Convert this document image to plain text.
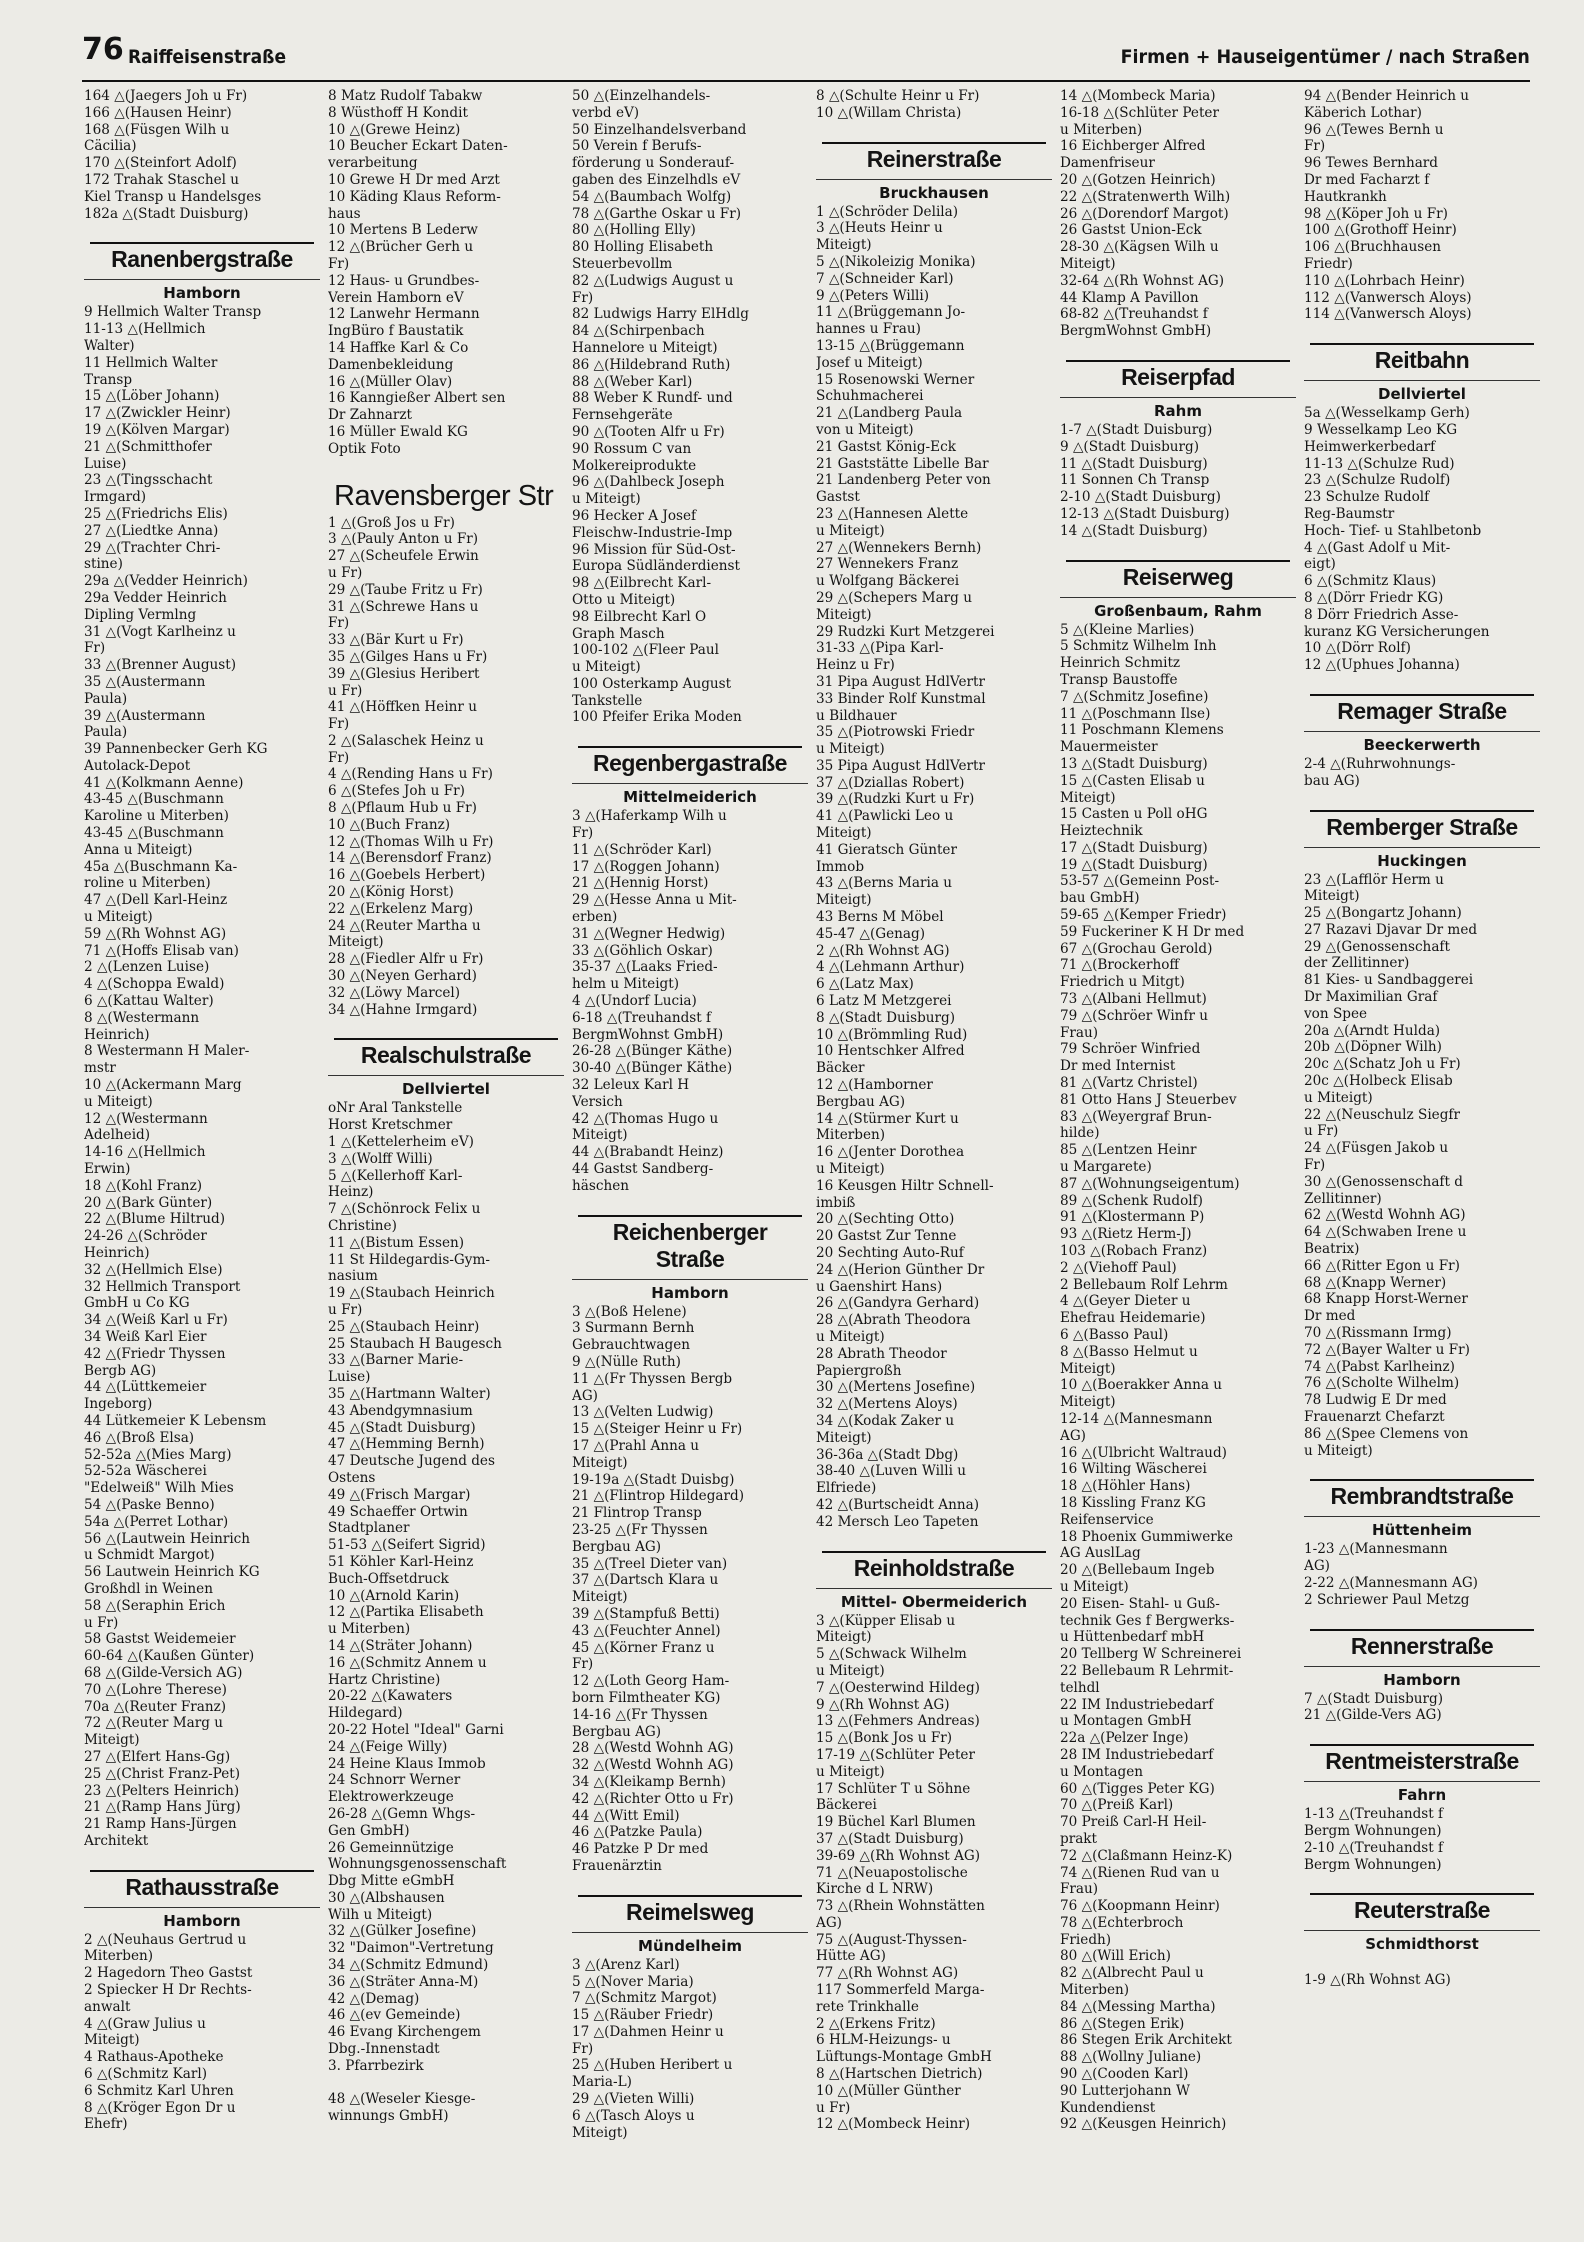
76 Raiffeisenstraße	Firmen + Hauseigentümer / nach Straßen
164 △(Jaegers Joh u Fr)
166 △(Hausen Heinr)
168 △(Füsgen Wilh u
Cäcilia)
170 △(Steinfort Adolf)
172 Trahak Staschel u
Kiel Transp u Handelsges
182a △(Stadt Duisburg)
Ranenbergstraße
Hamborn
9 Hellmich Walter Transp
11-13 △(Hellmich
Walter)
11 Hellmich Walter
Transp
15 △(Löber Johann)
17 △(Zwickler Heinr)
19 △(Kölven Margar)
21 △(Schmitthofer
Luise)
23 △(Tingsschacht
Irmgard)
25 △(Friedrichs Elis)
27 △(Liedtke Anna)
29 △(Trachter Chri-
stine)
29a △(Vedder Heinrich)
29a Vedder Heinrich
Dipling Vermlng
31 △(Vogt Karlheinz u
Fr)
33 △(Brenner August)
35 △(Austermann
Paula)
39 △(Austermann
Paula)
39 Pannenbecker Gerh KG
Autolack-Depot
41 △(Kolkmann Aenne)
43-45 △(Buschmann
Karoline u Miterben)
43-45 △(Buschmann
Anna u Miteigt)
45a △(Buschmann Ka-
roline u Miterben)
47 △(Dell Karl-Heinz
u Miteigt)
59 △(Rh Wohnst AG)
71 △(Hoffs Elisab van)
2 △(Lenzen Luise)
4 △(Schoppa Ewald)
6 △(Kattau Walter)
8 △(Westermann
Heinrich)
8 Westermann H Maler-
mstr
10 △(Ackermann Marg
u Miteigt)
12 △(Westermann
Adelheid)
14-16 △(Hellmich
Erwin)
18 △(Kohl Franz)
20 △(Bark Günter)
22 △(Blume Hiltrud)
24-26 △(Schröder
Heinrich)
32 △(Hellmich Else)
32 Hellmich Transport
GmbH u Co KG
34 △(Weiß Karl u Fr)
34 Weiß Karl Eier
42 △(Friedr Thyssen
Bergb AG)
44 △(Lüttkemeier
Ingeborg)
44 Lütkemeier K Lebensm
46 △(Broß Elsa)
52-52a △(Mies Marg)
52-52a Wäscherei
"Edelweiß" Wilh Mies
54 △(Paske Benno)
54a △(Perret Lothar)
56 △(Lautwein Heinrich
u Schmidt Margot)
56 Lautwein Heinrich KG
Großhdl in Weinen
58 △(Seraphin Erich
u Fr)
58 Gastst Weidemeier
60-64 △(Kaußen Günter)
68 △(Gilde-Versich AG)
70 △(Lohre Therese)
70a △(Reuter Franz)
72 △(Reuter Marg u
Miteigt)
27 △(Elfert Hans-Gg)
25 △(Christ Franz-Pet)
23 △(Pelters Heinrich)
21 △(Ramp Hans Jürg)
21 Ramp Hans-Jürgen
Architekt
Rathausstraße
Hamborn
2 △(Neuhaus Gertrud u
Miterben)
2 Hagedorn Theo Gastst
2 Spiecker H Dr Rechts-
anwalt
4 △(Graw Julius u
Miteigt)
4 Rathaus-Apotheke
6 △(Schmitz Karl)
6 Schmitz Karl Uhren
8 △(Kröger Egon Dr u
Ehefr)
8 Matz Rudolf Tabakw
8 Wüsthoff H Kondit
10 △(Grewe Heinz)
10 Beucher Eckart Daten-
verarbeitung
10 Grewe H Dr med Arzt
10 Käding Klaus Reform-
haus
10 Mertens B Lederw
12 △(Brücher Gerh u
Fr)
12 Haus- u Grundbes-
Verein Hamborn eV
12 Lanwehr Hermann
IngBüro f Baustatik
14 Haffke Karl & Co
Damenbekleidung
16 △(Müller Olav)
16 Kanngießer Albert sen
Dr Zahnarzt
16 Müller Ewald KG
Optik Foto
Ravensberger Str
1 △(Groß Jos u Fr)
3 △(Pauly Anton u Fr)
27 △(Scheufele Erwin
u Fr)
29 △(Taube Fritz u Fr)
31 △(Schrewe Hans u
Fr)
33 △(Bär Kurt u Fr)
35 △(Gilges Hans u Fr)
39 △(Glesius Heribert
u Fr)
41 △(Höffken Heinr u
Fr)
2 △(Salaschek Heinz u
Fr)
4 △(Rending Hans u Fr)
6 △(Stefes Joh u Fr)
8 △(Pflaum Hub u Fr)
10 △(Buch Franz)
12 △(Thomas Wilh u Fr)
14 △(Berensdorf Franz)
16 △(Goebels Herbert)
20 △(König Horst)
22 △(Erkelenz Marg)
24 △(Reuter Martha u
Miteigt)
28 △(Fiedler Alfr u Fr)
30 △(Neyen Gerhard)
32 △(Löwy Marcel)
34 △(Hahne Irmgard)
Realschulstraße
Dellviertel
oNr Aral Tankstelle
Horst Kretschmer
1 △(Kettelerheim eV)
3 △(Wolff Willi)
5 △(Kellerhoff Karl-
Heinz)
7 △(Schönrock Felix u
Christine)
11 △(Bistum Essen)
11 St Hildegardis-Gym-
nasium
19 △(Staubach Heinrich
u Fr)
25 △(Staubach Heinr)
25 Staubach H Baugesch
33 △(Barner Marie-
Luise)
35 △(Hartmann Walter)
43 Abendgymnasium
45 △(Stadt Duisburg)
47 △(Hemming Bernh)
47 Deutsche Jugend des
Ostens
49 △(Frisch Margar)
49 Schaeffer Ortwin
Stadtplaner
51-53 △(Seifert Sigrid)
51 Köhler Karl-Heinz
Buch-Offsetdruck
10 △(Arnold Karin)
12 △(Partika Elisabeth
u Miterben)
14 △(Sträter Johann)
16 △(Schmitz Annem u
Hartz Christine)
20-22 △(Kawaters
Hildegard)
20-22 Hotel "Ideal" Garni
24 △(Feige Willy)
24 Heine Klaus Immob
24 Schnorr Werner
Elektrowerkzeuge
26-28 △(Gemn Whgs-
Gen GmbH)
26 Gemeinnützige
Wohnungsgenossenschaft
Dbg Mitte eGmbH
30 △(Albshausen
Wilh u Miteigt)
32 △(Gülker Josefine)
32 "Daimon"-Vertretung
34 △(Schmitz Edmund)
36 △(Sträter Anna-M)
42 △(Demag)
46 △(ev Gemeinde)
46 Evang Kirchengem
Dbg.-Innenstadt
3. Pfarrbezirk

48 △(Weseler Kiesge-
winnungs GmbH)
50 △(Einzelhandels-
verbd eV)
50 Einzelhandelsverband
50 Verein f Berufs-
förderung u Sonderauf-
gaben des Einzelhdls eV
54 △(Baumbach Wolfg)
78 △(Garthe Oskar u Fr)
80 △(Holling Elly)
80 Holling Elisabeth
Steuerbevollm
82 △(Ludwigs August u
Fr)
82 Ludwigs Harry ElHdlg
84 △(Schirpenbach
Hannelore u Miteigt)
86 △(Hildebrand Ruth)
88 △(Weber Karl)
88 Weber K Rundf- und
Fernsehgeräte
90 △(Tooten Alfr u Fr)
90 Rossum C van
Molkereiprodukte
96 △(Dahlbeck Joseph
u Miteigt)
96 Hecker A Josef
Fleischw-Industrie-Imp
96 Mission für Süd-Ost-
Europa Südländerdienst
98 △(Eilbrecht Karl-
Otto u Miteigt)
98 Eilbrecht Karl O
Graph Masch
100-102 △(Fleer Paul
u Miteigt)
100 Osterkamp August
Tankstelle
100 Pfeifer Erika Moden
Regenbergastraße
Mittelmeiderich
3 △(Haferkamp Wilh u
Fr)
11 △(Schröder Karl)
17 △(Roggen Johann)
21 △(Hennig Horst)
29 △(Hesse Anna u Mit-
erben)
31 △(Wegner Hedwig)
33 △(Göhlich Oskar)
35-37 △(Laaks Fried-
helm u Miteigt)
4 △(Undorf Lucia)
6-18 △(Treuhandst f
BergmWohnst GmbH)
26-28 △(Bünger Käthe)
30-40 △(Bünger Käthe)
32 Leleux Karl H
Versich
42 △(Thomas Hugo u
Miteigt)
44 △(Brabandt Heinz)
44 Gastst Sandberg-
häschen
Reichenberger Straße
Hamborn
3 △(Boß Helene)
3 Surmann Bernh
Gebrauchtwagen
9 △(Nülle Ruth)
11 △(Fr Thyssen Bergb
AG)
13 △(Velten Ludwig)
15 △(Steiger Heinr u Fr)
17 △(Prahl Anna u
Miteigt)
19-19a △(Stadt Duisbg)
21 △(Flintrop Hildegard)
21 Flintrop Transp
23-25 △(Fr Thyssen
Bergbau AG)
35 △(Treel Dieter van)
37 △(Dartsch Klara u
Miteigt)
39 △(Stampfuß Betti)
43 △(Feuchter Annel)
45 △(Körner Franz u
Fr)
12 △(Loth Georg Ham-
born Filmtheater KG)
14-16 △(Fr Thyssen
Bergbau AG)
28 △(Westd Wohnh AG)
32 △(Westd Wohnh AG)
34 △(Kleikamp Bernh)
42 △(Richter Otto u Fr)
44 △(Witt Emil)
46 △(Patzke Paula)
46 Patzke P Dr med
Frauenärztin
Reimelsweg
Mündelheim
3 △(Arenz Karl)
5 △(Nover Maria)
7 △(Schmitz Margot)
15 △(Räuber Friedr)
17 △(Dahmen Heinr u
Fr)
25 △(Huben Heribert u
Maria-L)
29 △(Vieten Willi)
6 △(Tasch Aloys u
Miteigt)
8 △(Schulte Heinr u Fr)
10 △(Willam Christa)
Reinerstraße
Bruckhausen
1 △(Schröder Delila)
3 △(Heuts Heinr u
Miteigt)
5 △(Nikoleizig Monika)
7 △(Schneider Karl)
9 △(Peters Willi)
11 △(Brüggemann Jo-
hannes u Frau)
13-15 △(Brüggemann
Josef u Miteigt)
15 Rosenowski Werner
Schuhmacherei
21 △(Landberg Paula
von u Miteigt)
21 Gastst König-Eck
21 Gaststätte Libelle Bar
21 Landenberg Peter von
Gastst
23 △(Hannesen Alette
u Miteigt)
27 △(Wennekers Bernh)
27 Wennekers Franz
u Wolfgang Bäckerei
29 △(Schepers Marg u
Miteigt)
29 Rudzki Kurt Metzgerei
31-33 △(Pipa Karl-
Heinz u Fr)
31 Pipa August HdlVertr
33 Binder Rolf Kunstmal
u Bildhauer
35 △(Piotrowski Friedr
u Miteigt)
35 Pipa August HdlVertr
37 △(Dziallas Robert)
39 △(Rudzki Kurt u Fr)
41 △(Pawlicki Leo u
Miteigt)
41 Gieratsch Günter
Immob
43 △(Berns Maria u
Miteigt)
43 Berns M Möbel
45-47 △(Genag)
2 △(Rh Wohnst AG)
4 △(Lehmann Arthur)
6 △(Latz Max)
6 Latz M Metzgerei
8 △(Stadt Duisburg)
10 △(Brömmling Rud)
10 Hentschker Alfred
Bäcker
12 △(Hamborner
Bergbau AG)
14 △(Stürmer Kurt u
Miterben)
16 △(Jenter Dorothea
u Miteigt)
16 Keusgen Hiltr Schnell-
imbiß
20 △(Sechting Otto)
20 Gastst Zur Tenne
20 Sechting Auto-Ruf
24 △(Herion Günther Dr
u Gaenshirt Hans)
26 △(Gandyra Gerhard)
28 △(Abrath Theodora
u Miteigt)
28 Abrath Theodor
Papiergroßh
30 △(Mertens Josefine)
32 △(Mertens Aloys)
34 △(Kodak Zaker u
Miteigt)
36-36a △(Stadt Dbg)
38-40 △(Luven Willi u
Elfriede)
42 △(Burtscheidt Anna)
42 Mersch Leo Tapeten
Reinholdstraße
Mittel- Obermeiderich
3 △(Küpper Elisab u
Miteigt)
5 △(Schwack Wilhelm
u Miteigt)
7 △(Oesterwind Hildeg)
9 △(Rh Wohnst AG)
13 △(Fehmers Andreas)
15 △(Bonk Jos u Fr)
17-19 △(Schlüter Peter
u Miteigt)
17 Schlüter T u Söhne
Bäckerei
19 Büchel Karl Blumen
37 △(Stadt Duisburg)
39-69 △(Rh Wohnst AG)
71 △(Neuapostolische
Kirche d L NRW)
73 △(Rhein Wohnstätten
AG)
75 △(August-Thyssen-
Hütte AG)
77 △(Rh Wohnst AG)
117 Sommerfeld Marga-
rete Trinkhalle
2 △(Erkens Fritz)
6 HLM-Heizungs- u
Lüftungs-Montage GmbH
8 △(Hartschen Dietrich)
10 △(Müller Günther
u Fr)
12 △(Mombeck Heinr)
14 △(Mombeck Maria)
16-18 △(Schlüter Peter
u Miterben)
16 Eichberger Alfred
Damenfriseur
20 △(Gotzen Heinrich)
22 △(Stratenwerth Wilh)
26 △(Dorendorf Margot)
26 Gastst Union-Eck
28-30 △(Kägsen Wilh u
Miteigt)
32-64 △(Rh Wohnst AG)
44 Klamp A Pavillon
68-82 △(Treuhandst f
BergmWohnst GmbH)
Reiserpfad
Rahm
1-7 △(Stadt Duisburg)
9 △(Stadt Duisburg)
11 △(Stadt Duisburg)
11 Sonnen Ch Transp
2-10 △(Stadt Duisburg)
12-13 △(Stadt Duisburg)
14 △(Stadt Duisburg)
Reiserweg
Großenbaum, Rahm
5 △(Kleine Marlies)
5 Schmitz Wilhelm Inh
Heinrich Schmitz
Transp Baustoffe
7 △(Schmitz Josefine)
11 △(Poschmann Ilse)
11 Poschmann Klemens
Mauermeister
13 △(Stadt Duisburg)
15 △(Casten Elisab u
Miteigt)
15 Casten u Poll oHG
Heiztechnik
17 △(Stadt Duisburg)
19 △(Stadt Duisburg)
53-57 △(Gemeinn Post-
bau GmbH)
59-65 △(Kemper Friedr)
59 Fuckeriner K H Dr med
67 △(Grochau Gerold)
71 △(Brockerhoff
Friedrich u Mitgt)
73 △(Albani Hellmut)
79 △(Schröer Winfr u
Frau)
79 Schröer Winfried
Dr med Internist
81 △(Vartz Christel)
81 Otto Hans J Steuerbev
83 △(Weyergraf Brun-
hilde)
85 △(Lentzen Heinr
u Margarete)
87 △(Wohnungseigentum)
89 △(Schenk Rudolf)
91 △(Klostermann P)
93 △(Rietz Herm-J)
103 △(Robach Franz)
2 △(Viehoff Paul)
2 Bellebaum Rolf Lehrm
4 △(Geyer Dieter u
Ehefrau Heidemarie)
6 △(Basso Paul)
8 △(Basso Helmut u
Miteigt)
10 △(Boerakker Anna u
Miteigt)
12-14 △(Mannesmann
AG)
16 △(Ulbricht Waltraud)
16 Wilting Wäscherei
18 △(Höhler Hans)
18 Kissling Franz KG
Reifenservice
18 Phoenix Gummiwerke
AG AuslLag
20 △(Bellebaum Ingeb
u Miteigt)
20 Eisen- Stahl- u Guß-
technik Ges f Bergwerks-
u Hüttenbedarf mbH
20 Tellberg W Schreinerei
22 Bellebaum R Lehrmit-
telhdl
22 IM Industriebedarf
u Montagen GmbH
22a △(Pelzer Inge)
28 IM Industriebedarf
u Montagen
60 △(Tigges Peter KG)
70 △(Preiß Karl)
70 Preiß Carl-H Heil-
prakt
72 △(Claßmann Heinz-K)
74 △(Rienen Rud van u
Frau)
76 △(Koopmann Heinr)
78 △(Echterbroch
Friedh)
80 △(Will Erich)
82 △(Albrecht Paul u
Miterben)
84 △(Messing Martha)
86 △(Stegen Erik)
86 Stegen Erik Architekt
88 △(Wollny Juliane)
90 △(Cooden Karl)
90 Lutterjohann W
Kundendienst
92 △(Keusgen Heinrich)
94 △(Bender Heinrich u
Käberich Lothar)
96 △(Tewes Bernh u
Fr)
96 Tewes Bernhard
Dr med Facharzt f
Hautkrankh
98 △(Köper Joh u Fr)
100 △(Grothoff Heinr)
106 △(Bruchhausen
Friedr)
110 △(Lohrbach Heinr)
112 △(Vanwersch Aloys)
114 △(Vanwersch Aloys)
Reitbahn
Dellviertel
5a △(Wesselkamp Gerh)
9 Wesselkamp Leo KG
Heimwerkerbedarf
11-13 △(Schulze Rud)
23 △(Schulze Rudolf)
23 Schulze Rudolf
Reg-Baumstr
Hoch- Tief- u Stahlbetonb
4 △(Gast Adolf u Mit-
eigt)
6 △(Schmitz Klaus)
8 △(Dörr Friedr KG)
8 Dörr Friedrich Asse-
kuranz KG Versicherungen
10 △(Dörr Rolf)
12 △(Uphues Johanna)
Remager Straße
Beeckerwerth
2-4 △(Ruhrwohnungs-
bau AG)
Remberger Straße
Huckingen
23 △(Lafflör Herm u
Miteigt)
25 △(Bongartz Johann)
27 Razavi Djavar Dr med
29 △(Genossenschaft
der Zellitinner)
81 Kies- u Sandbaggerei
Dr Maximilian Graf
von Spee
20a △(Arndt Hulda)
20b △(Döpner Wilh)
20c △(Schatz Joh u Fr)
20c △(Holbeck Elisab
u Miteigt)
22 △(Neuschulz Siegfr
u Fr)
24 △(Füsgen Jakob u
Fr)
30 △(Genossenschaft d
Zellitinner)
62 △(Westd Wohnh AG)
64 △(Schwaben Irene u
Beatrix)
66 △(Ritter Egon u Fr)
68 △(Knapp Werner)
68 Knapp Horst-Werner
Dr med
70 △(Rissmann Irmg)
72 △(Bayer Walter u Fr)
74 △(Pabst Karlheinz)
76 △(Scholte Wilhelm)
78 Ludwig E Dr med
Frauenarzt Chefarzt
86 △(Spee Clemens von
u Miteigt)
Rembrandtstraße
Hüttenheim
1-23 △(Mannesmann
AG)
2-22 △(Mannesmann AG)
2 Schriewer Paul Metzg
Rennerstraße
Hamborn
7 △(Stadt Duisburg)
21 △(Gilde-Vers AG)
Rentmeisterstraße
Fahrn
1-13 △(Treuhandst f
Bergm Wohnungen)
2-10 △(Treuhandst f
Bergm Wohnungen)
Reuterstraße
Schmidthorst

1-9 △(Rh Wohnst AG)
